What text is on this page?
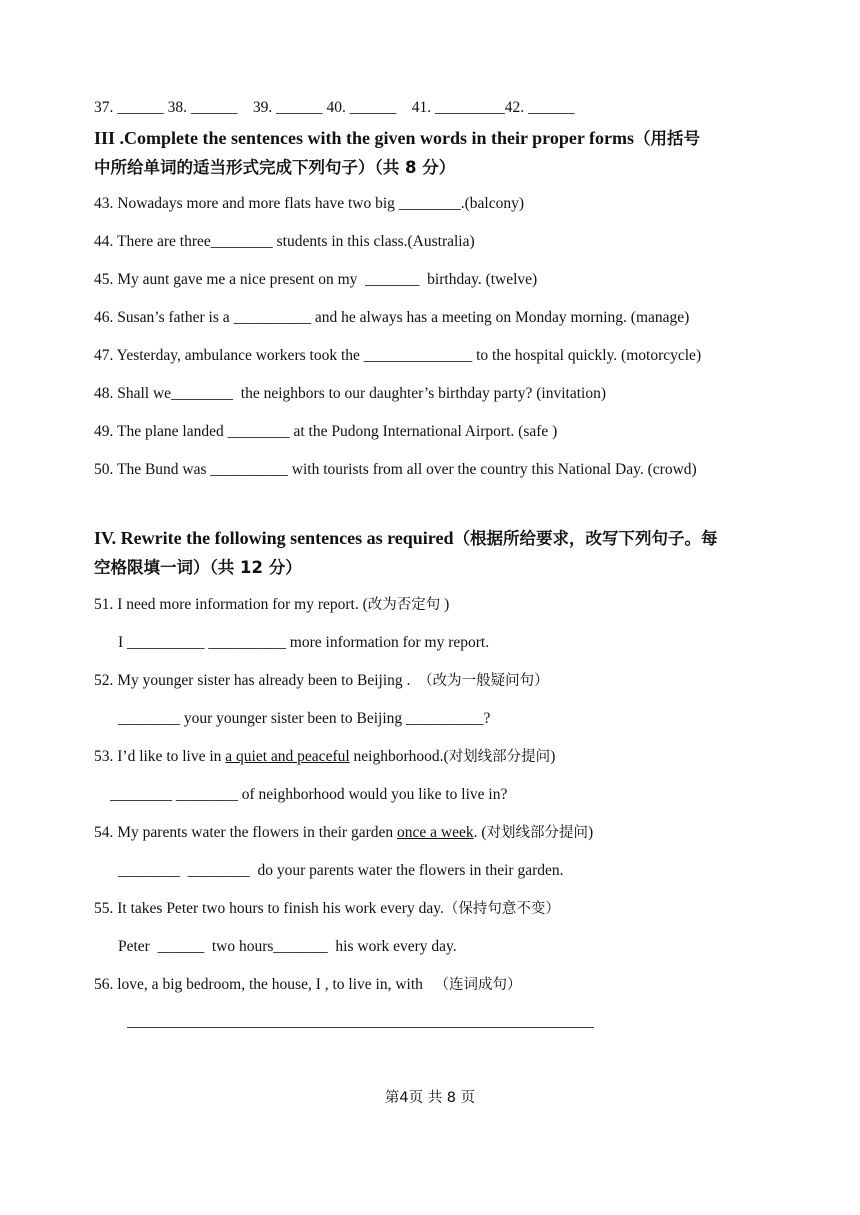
37. ______ 38. ______    39. ______ 40. ______    41. _________42. ______
III .Complete the sentences with the given words in their proper forms（用括号
中所给单词的适当形式完成下列句子）（共 8 分）
43. Nowadays more and more flats have two big ________.(balcony)
44. There are three________ students in this class.(Australia)
45. My aunt gave me a nice present on my  _______  birthday. (twelve)
46. Susan’s father is a __________ and he always has a meeting on Monday morning. (manage)
47. Yesterday, ambulance workers took the ______________ to the hospital quickly. (motorcycle)
48. Shall we________  the neighbors to our daughter’s birthday party? (invitation)
49. The plane landed ________ at the Pudong International Airport. (safe )
50. The Bund was __________ with tourists from all over the country this National Day. (crowd)
IV. Rewrite the following sentences as required（根据所给要求，改写下列句子。每
空格限填一词）（共 12 分）
51. I need more information for my report. (改为否定句 )
I __________ __________ more information for my report.
52. My younger sister has already been to Beijing .  （改为一般疑问句）
________ your younger sister been to Beijing __________?
53. I’d like to live in a quiet and peaceful neighborhood.(对划线部分提问)
________ ________ of neighborhood would you like to live in?
54. My parents water the flowers in their garden once a week. (对划线部分提问)
________  ________  do your parents water the flowers in their garden.
55. It takes Peter two hours to finish his work every day.（保持句意不变）
Peter  ______  two hours_______  his work every day.
56. love, a big bedroom, the house, I , to live in, with   （连词成句）
第4页 共 8 页
